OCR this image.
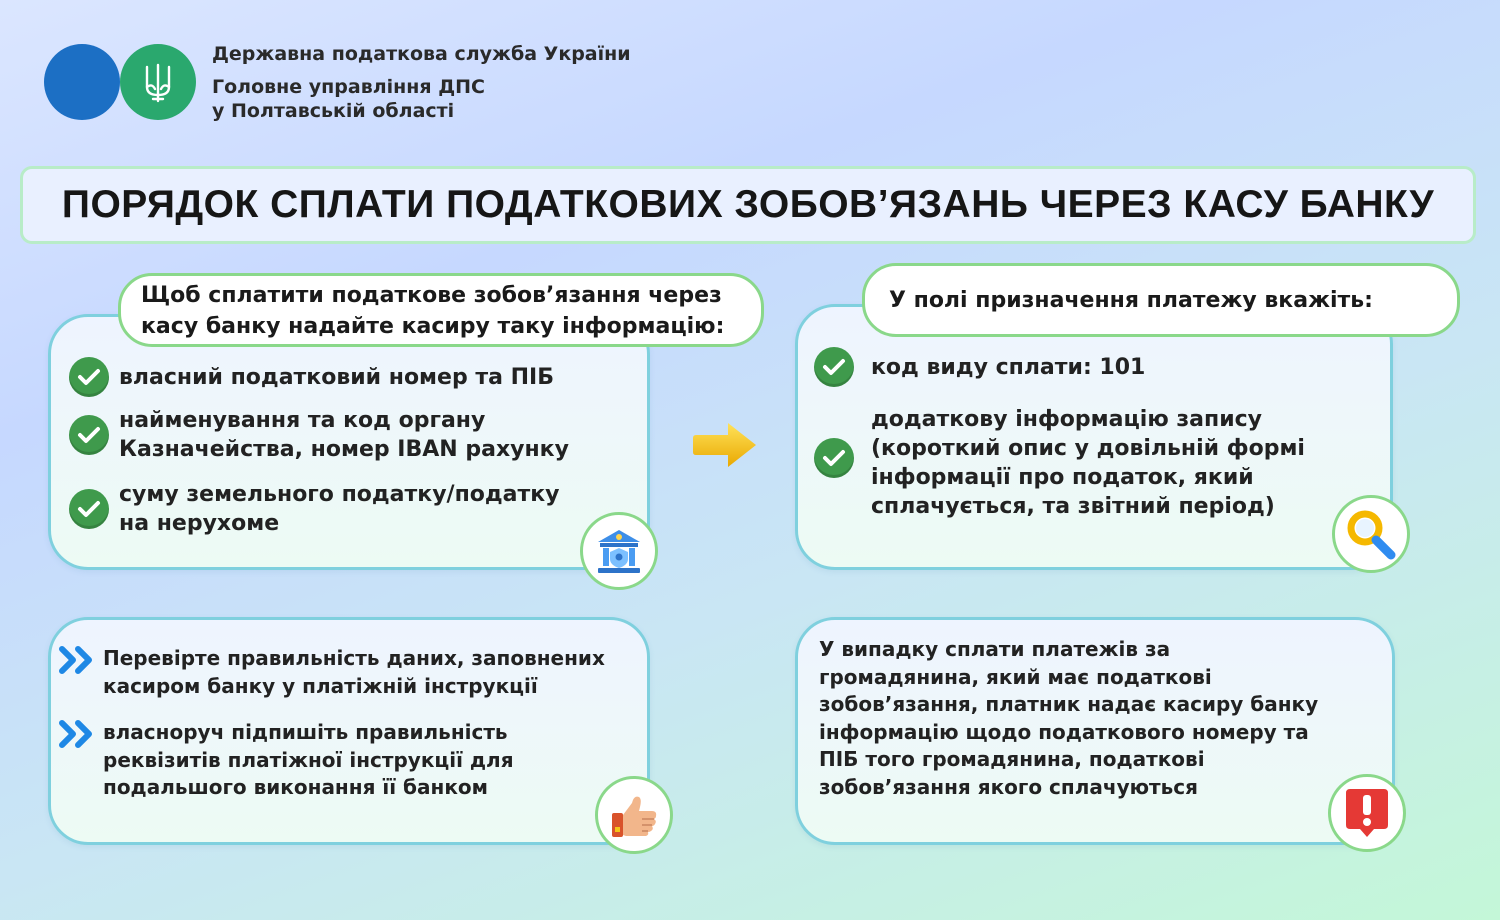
Державна податкова служба України
Головне управління ДПС
у Полтавській області
ПОРЯДОК СПЛАТИ ПОДАТКОВИХ ЗОБОВ’ЯЗАНЬ ЧЕРЕЗ КАСУ БАНКУ
Щоб сплатити податкове зобов’язання через
касу банку надайте касиру таку інформацію:
власний податковий номер та ПІБ
найменування та код органу
Казначейства, номер IBAN рахунку
суму земельного податку/податку
на нерухоме
У полі призначення платежу вкажіть:
код виду сплати: 101
додаткову інформацію запису
(короткий опис у довільній формі
інформації про податок, який
сплачується, та звітний період)
Перевірте правильність даних, заповнених
касиром банку у платіжній інструкції
власноруч підпишіть правильність
реквізитів платіжної інструкції для
подальшого виконання її банком
У випадку сплати платежів за
громадянина, який має податкові
зобов’язання, платник надає касиру банку
інформацію щодо податкового номеру та
ПІБ того громадянина, податкові
зобов’язання якого сплачуються
